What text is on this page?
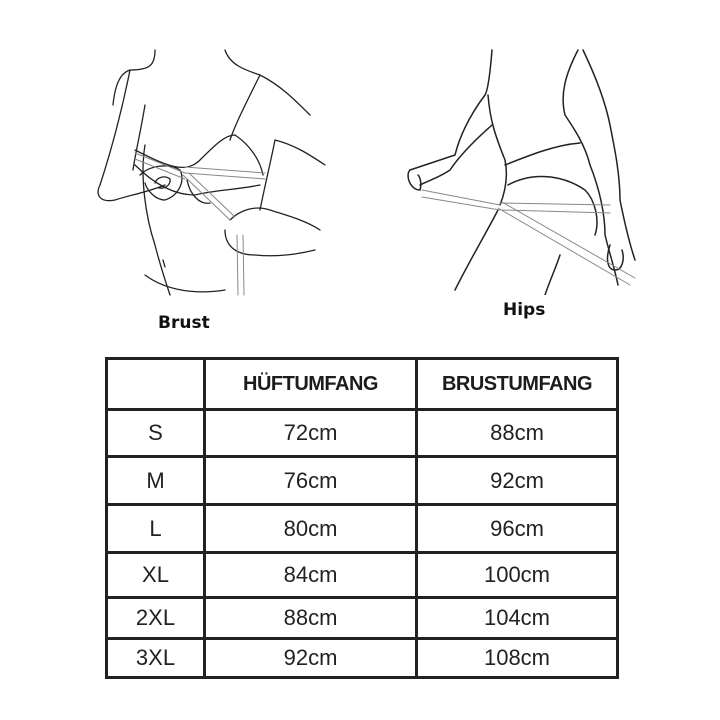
Brust
Hips
	HÜFTUMFANG	BRUSTUMFANG
S	72cm	88cm
M	76cm	92cm
L	80cm	96cm
XL	84cm	100cm
2XL	88cm	104cm
3XL	92cm	108cm
